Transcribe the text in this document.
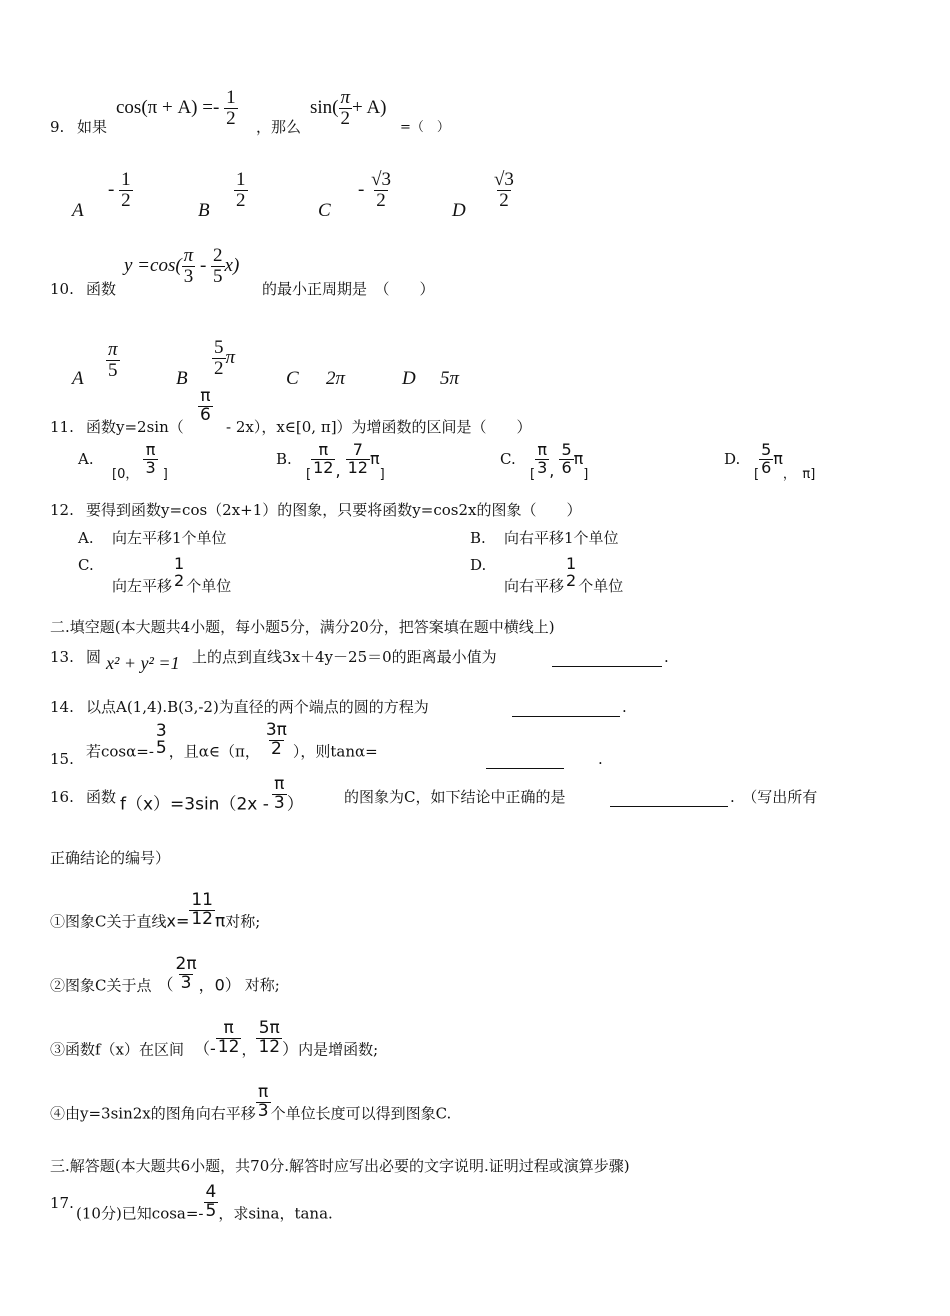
9. 如果
$\cos(\pi + A) =- \frac{1}{2}$ ，那么
$\sin( \frac{\pi}{2} + A)$
=（　）
A
- $\frac{1}{2}$	B $\frac{1}{2}$	C
- $\frac{√3}{2}$	D $\frac{√3}{2}$
10. 函数
$y =\cos( \frac{\pi}{3} - \frac{2}{5} x)$
的最小正周期是　（　　）
A $\frac{\pi}{5}$	B $\frac{5}{2}$ π
C 2π	D 5π
11. 函数y=2sin（
$\frac{\pi}{6}$
- 2x），x∈[0, π]）为增函数的区间是（　　）
A.
$_{[0,} \frac{\pi}{3} _]$
B.
$_[ \frac{\pi}{12}$ , $\frac{7}{12} \pi_]$
C.
$_[ \frac{\pi}{3}$ , $\frac{5}{6} \pi_]$
D.
$_[ \frac{5}{6} \pi_{, \pi]}$
12. 要得到函数y=cos（2x+1）的图象，只要将函数y=cos2x的图象（　　）
A. 向左平移1个单位	B. 向右平移1个单位
C.
向左平移
1
2 个单位
D.
向右平移
1
2 个单位
二.填空题(本大题共4小题，每小题5分，满分20分，把答案填在题中横线上)
13. 圆 x² + y² =1 上的点到直线3x＋4y－25＝0的距离最小值为	.
14. 以点A(1,4).B(3,-2)为直径的两个端点的圆的方程为	.
15. 若cosα=-
3
5 ，且α∈（π， $\frac{3\pi}{2}$ ），则tanα=	.
16. 函数 $f(x)=3\sin(2x - \frac{\pi}{3}$ ）	的图象为C，如下结论中正确的是	.　（写出所有
正确结论的编号）
①图象C关于直线$x= \frac{11}{12}$ π对称;
②图象C关于点 （ $\frac{2\pi}{3}$ ，0） 对称;
③函数f（x）在区间 （- $\frac{\pi}{12}$ ， $\frac{5\pi}{12}$ ）内是增函数;
④由y=3sin2x的图角向右平移 $\frac{\pi}{3}$ 个单位长度可以得到图象C.
三.解答题(本大题共6小题，共70分.解答时应写出必要的文字说明.证明过程或演算步骤)
17.
(10分)已知$\cos a=- \frac{4}{5}$ ，求sina，tana.
